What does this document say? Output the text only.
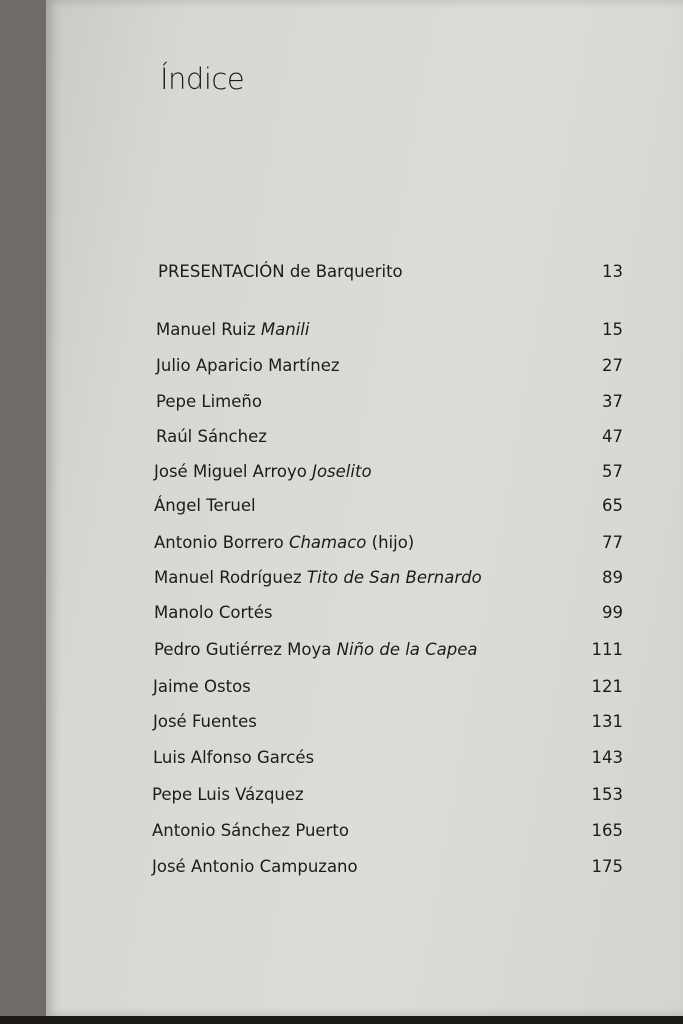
Índice
PRESENTACIÓN de Barquerito	13
Manuel Ruiz Manili	15
Julio Aparicio Martínez	27
Pepe Limeño	37
Raúl Sánchez	47
José Miguel Arroyo Joselito	57
Ángel Teruel	65
Antonio Borrero Chamaco (hijo)	77
Manuel Rodríguez Tito de San Bernardo	89
Manolo Cortés	99
Pedro Gutiérrez Moya Niño de la Capea	111
Jaime Ostos	121
José Fuentes	131
Luis Alfonso Garcés	143
Pepe Luis Vázquez	153
Antonio Sánchez Puerto	165
José Antonio Campuzano	175
